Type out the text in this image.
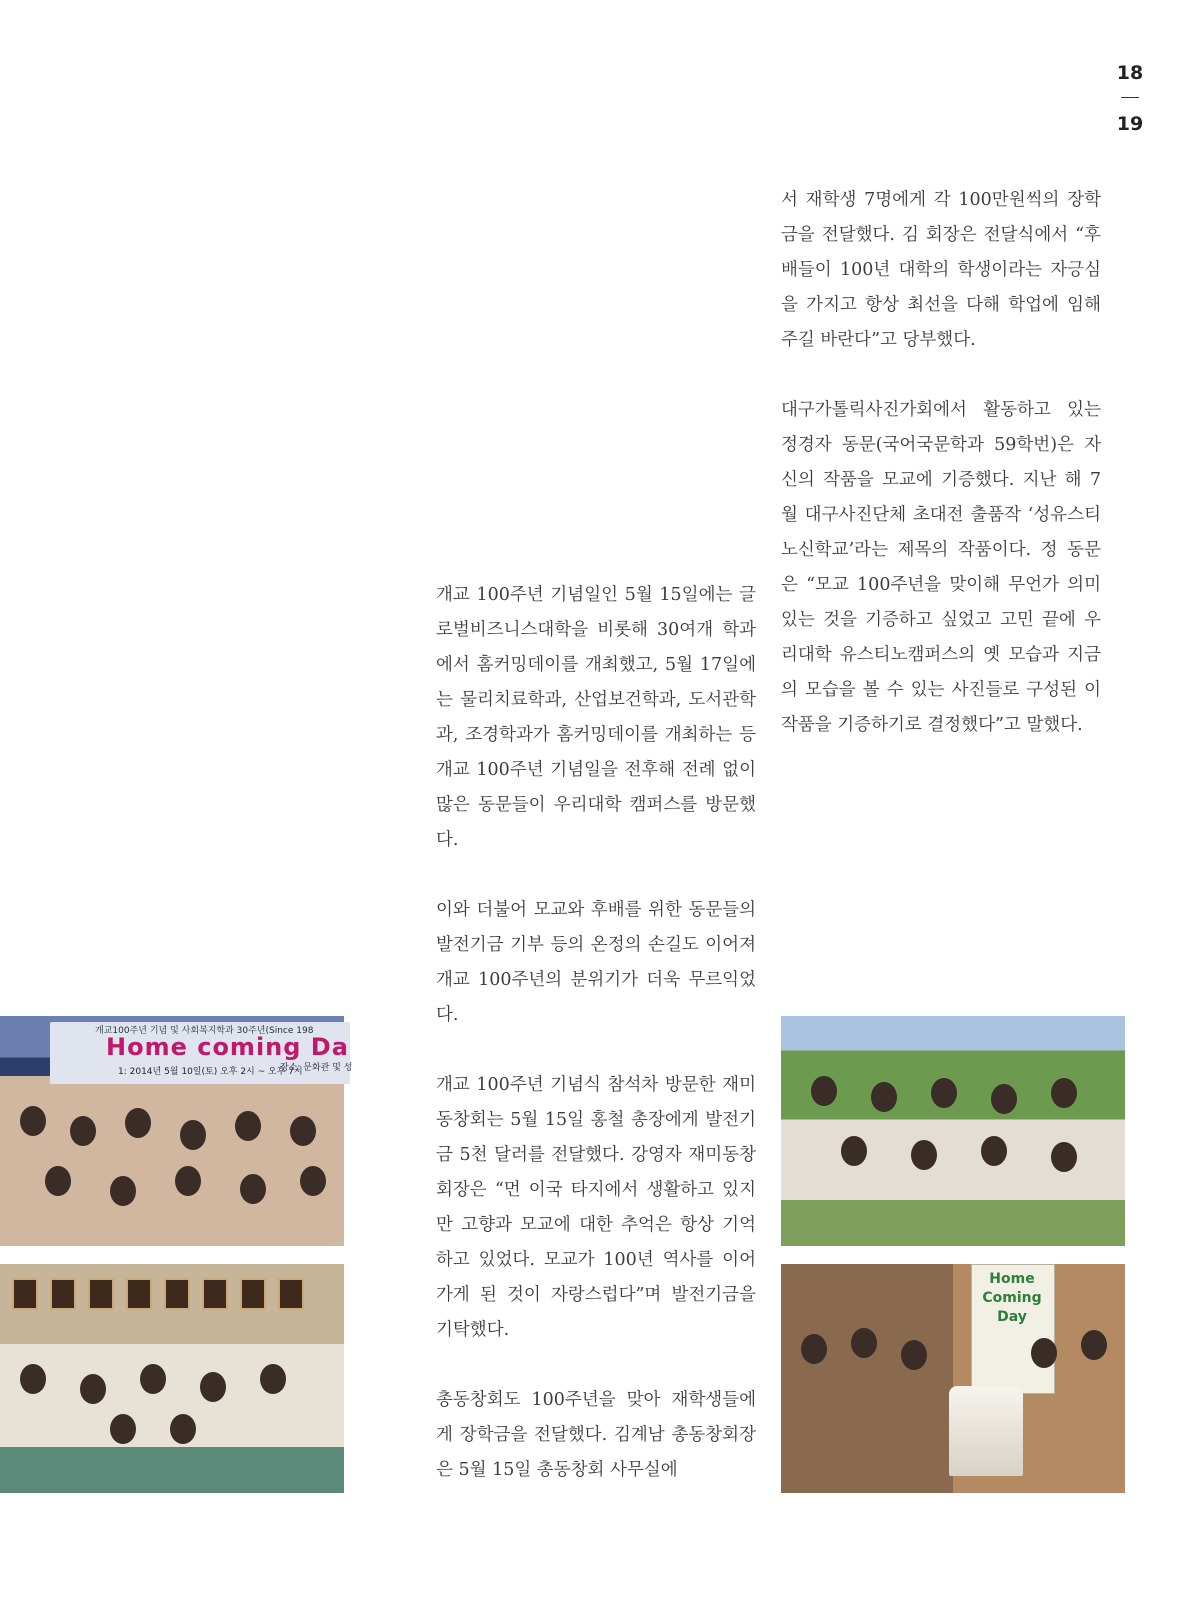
18
19

개교 100주년 기념일인 5월 15일에는 글로벌비즈니스대학을 비롯해 30여개 학과에서 홈커밍데이를 개최했고, 5월 17일에는 물리치료학과, 산업보건학과, 도서관학과, 조경학과가 홈커밍데이를 개최하는 등 개교 100주년 기념일을 전후해 전례 없이 많은 동문들이 우리대학 캠퍼스를 방문했다.

이와 더불어 모교와 후배를 위한 동문들의 발전기금 기부 등의 온정의 손길도 이어져 개교 100주년의 분위기가 더욱 무르익었다.

개교 100주년 기념식 참석차 방문한 재미동창회는 5월 15일 홍철 총장에게 발전기금 5천 달러를 전달했다. 강영자 재미동창회장은 “먼 이국 타지에서 생활하고 있지만 고향과 모교에 대한 추억은 항상 기억하고 있었다. 모교가 100년 역사를 이어가게 된 것이 자랑스럽다”며 발전기금을 기탁했다.

총동창회도 100주년을 맞아 재학생들에게 장학금을 전달했다. 김계남 총동창회장은 5월 15일 총동창회 사무실에

서 재학생 7명에게 각 100만원씩의 장학금을 전달했다. 김 회장은 전달식에서 “후배들이 100년 대학의 학생이라는 자긍심을 가지고 항상 최선을 다해 학업에 임해주길 바란다”고 당부했다.

대구가톨릭사진가회에서 활동하고 있는 정경자 동문(국어국문학과 59학번)은 자신의 작품을 모교에 기증했다. 지난 해 7월 대구사진단체 초대전 출품작 ‘성유스티노신학교’라는 제목의 작품이다. 정 동문은 “모교 100주년을 맞이해 무언가 의미 있는 것을 기증하고 싶었고 고민 끝에 우리대학 유스티노캠퍼스의 옛 모습과 지금의 모습을 볼 수 있는 사진들로 구성된 이 작품을 기증하기로 결정했다”고 말했다.

개교100주년 기념 및 사회복지학과 30주년(Since 198
Home coming Da
1: 2014년 5월 10일(토) 오후 2시 ~ 오후 7시
장소: 문화관 및 성
Home
Coming
Day
